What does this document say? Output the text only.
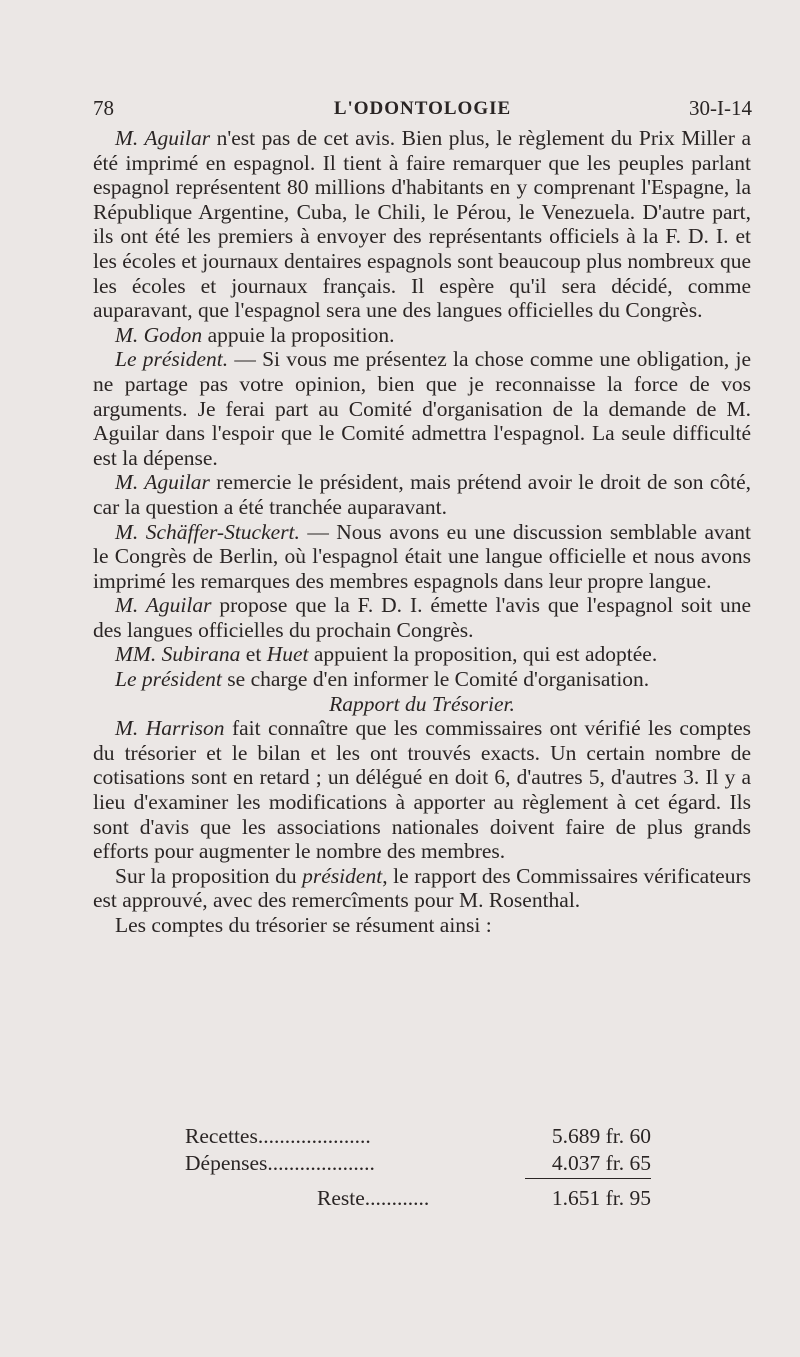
78	L'ODONTOLOGIE	30-I-14

M. Aguilar n'est pas de cet avis. Bien plus, le règlement du Prix Miller a été imprimé en espagnol. Il tient à faire remarquer que les peuples parlant espagnol représentent 80 millions d'habitants en y comprenant l'Espagne, la République Argentine, Cuba, le Chili, le Pérou, le Venezuela. D'autre part, ils ont été les premiers à envoyer des représentants officiels à la F. D. I. et les écoles et journaux dentaires espagnols sont beaucoup plus nombreux que les écoles et journaux français. Il espère qu'il sera décidé, comme auparavant, que l'espagnol sera une des langues officielles du Congrès.

M. Godon appuie la proposition.

Le président. — Si vous me présentez la chose comme une obligation, je ne partage pas votre opinion, bien que je reconnaisse la force de vos arguments. Je ferai part au Comité d'organisation de la demande de M. Aguilar dans l'espoir que le Comité admettra l'espagnol. La seule difficulté est la dépense.

M. Aguilar remercie le président, mais prétend avoir le droit de son côté, car la question a été tranchée auparavant.

M. Schäffer-Stuckert. — Nous avons eu une discussion semblable avant le Congrès de Berlin, où l'espagnol était une langue officielle et nous avons imprimé les remarques des membres espagnols dans leur propre langue.

M. Aguilar propose que la F. D. I. émette l'avis que l'espagnol soit une des langues officielles du prochain Congrès.

MM. Subirana et Huet appuient la proposition, qui est adoptée.

Le président se charge d'en informer le Comité d'organisation.

Rapport du Trésorier.

M. Harrison fait connaître que les commissaires ont vérifié les comptes du trésorier et le bilan et les ont trouvés exacts. Un certain nombre de cotisations sont en retard ; un délégué en doit 6, d'autres 5, d'autres 3. Il y a lieu d'examiner les modifications à apporter au règlement à cet égard. Ils sont d'avis que les associations nationales doivent faire de plus grands efforts pour augmenter le nombre des membres.

Sur la proposition du président, le rapport des Commissaires vérificateurs est approuvé, avec des remercîments pour M. Rosenthal.

Les comptes du trésorier se résument ainsi :

Recettes.....................	5.689 fr. 60
Dépenses....................	4.037 fr. 65
Reste............	1.651 fr. 95
